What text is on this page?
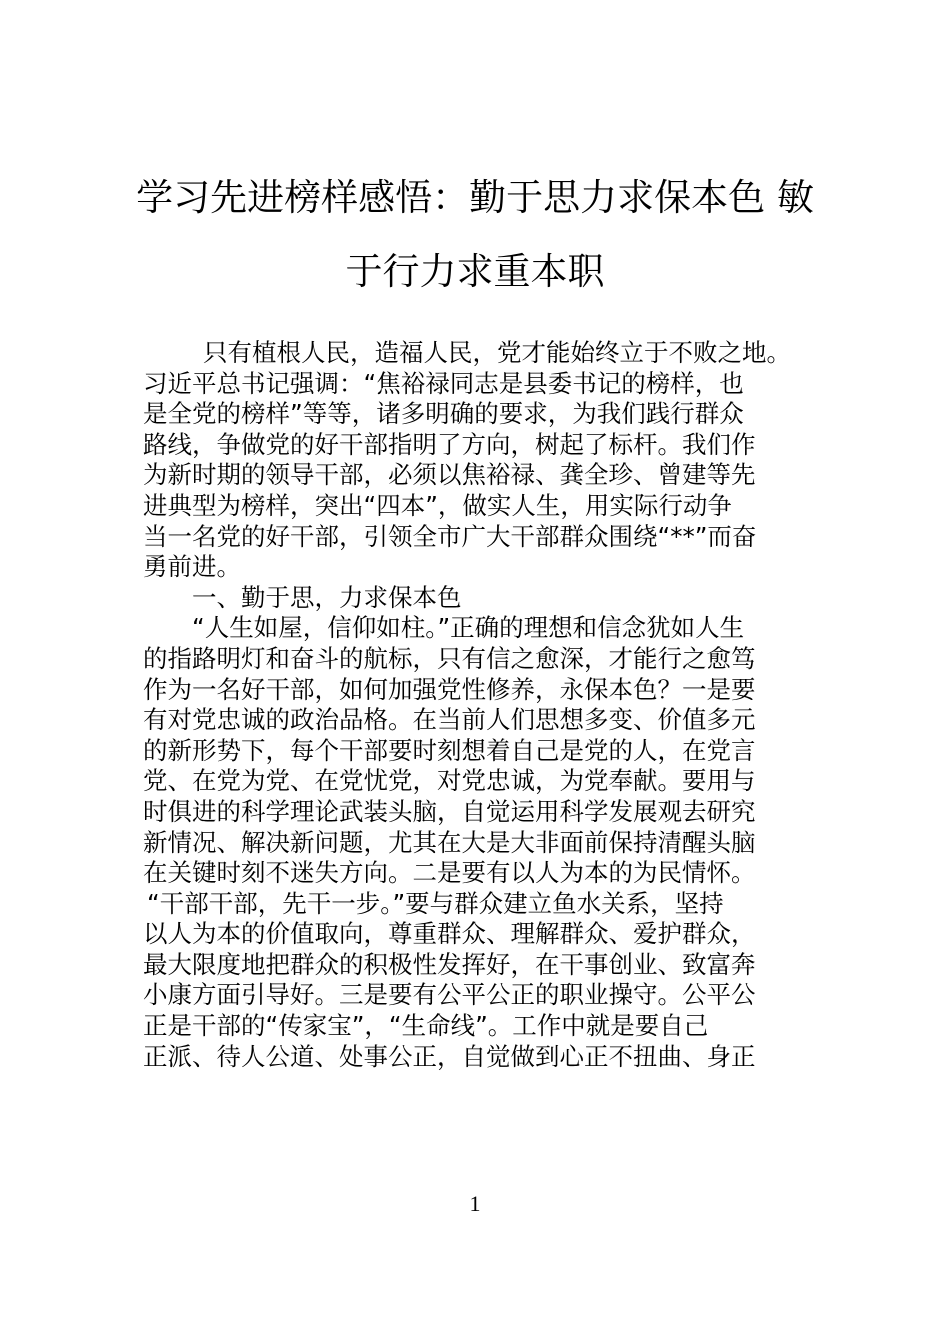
学习先进榜样感悟：勤于思力求保本色 敏
于行力求重本职
只有植根人民，造福人民，党才能始终立于不败之地。
习近平总书记强调：“焦裕禄同志是县委书记的榜样，也
是全党的榜样”等等，诸多明确的要求，为我们践行群众
路线，争做党的好干部指明了方向，树起了标杆。我们作
为新时期的领导干部，必须以焦裕禄、龚全珍、曾建等先
进典型为榜样，突出“四本”，做实人生，用实际行动争
当一名党的好干部，引领全市广大干部群众围绕“**”而奋
勇前进。
一、勤于思，力求保本色
“人生如屋，信仰如柱。”正确的理想和信念犹如人生
的指路明灯和奋斗的航标，只有信之愈深，才能行之愈笃
作为一名好干部，如何加强党性修养，永保本色？一是要
有对党忠诚的政治品格。在当前人们思想多变、价值多元
的新形势下，每个干部要时刻想着自己是党的人，在党言
党、在党为党、在党忧党，对党忠诚，为党奉献。要用与
时俱进的科学理论武装头脑，自觉运用科学发展观去研究
新情况、解决新问题，尤其在大是大非面前保持清醒头脑
在关键时刻不迷失方向。二是要有以人为本的为民情怀。
“干部干部，先干一步。”要与群众建立鱼水关系，坚持
以人为本的价值取向，尊重群众、理解群众、爱护群众，
最大限度地把群众的积极性发挥好，在干事创业、致富奔
小康方面引导好。三是要有公平公正的职业操守。公平公
正是干部的“传家宝”，“生命线”。工作中就是要自己
正派、待人公道、处事公正，自觉做到心正不扭曲、身正
1
